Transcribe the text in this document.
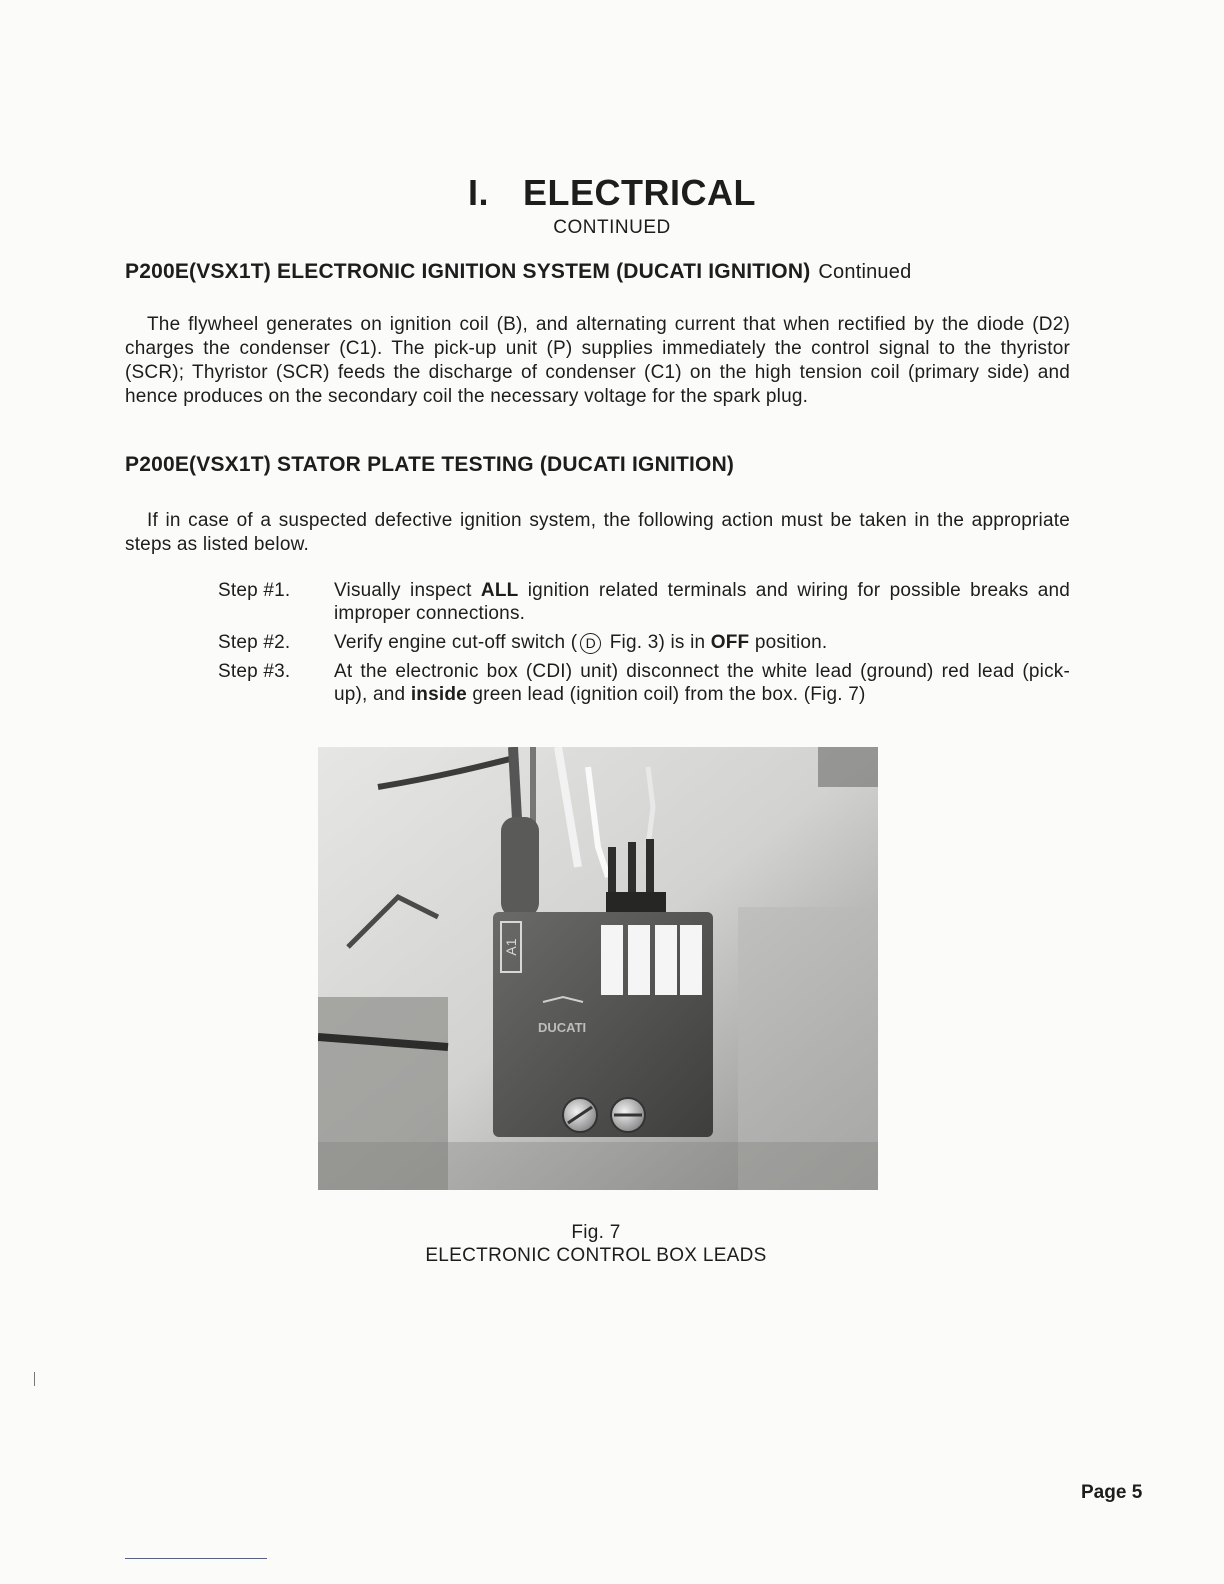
I. ELECTRICAL
CONTINUED
P200E(VSX1T) ELECTRONIC IGNITION SYSTEM (DUCATI IGNITION) Continued

The flywheel generates on ignition coil (B), and alternating current that when rectified by the diode (D2) charges the condenser (C1). The pick-up unit (P) supplies immediately the control signal to the thyristor (SCR); Thyristor (SCR) feeds the discharge of condenser (C1) on the high tension coil (primary side) and hence produces on the secondary coil the necessary voltage for the spark plug.

P200E(VSX1T) STATOR PLATE TESTING (DUCATI IGNITION)

If in case of a suspected defective ignition system, the following action must be taken in the appropriate steps as listed below.

Step #1.	Visually inspect ALL ignition related terminals and wiring for possible breaks and improper connections.
Step #2.	Verify engine cut-off switch ( D Fig. 3) is in OFF position.
Step #3.	At the electronic box (CDI) unit) disconnect the white lead (ground) red lead (pick-up), and inside green lead (ignition coil) from the box. (Fig. 7)
A1
DUCATI
Fig. 7
ELECTRONIC CONTROL BOX LEADS
Page 5
